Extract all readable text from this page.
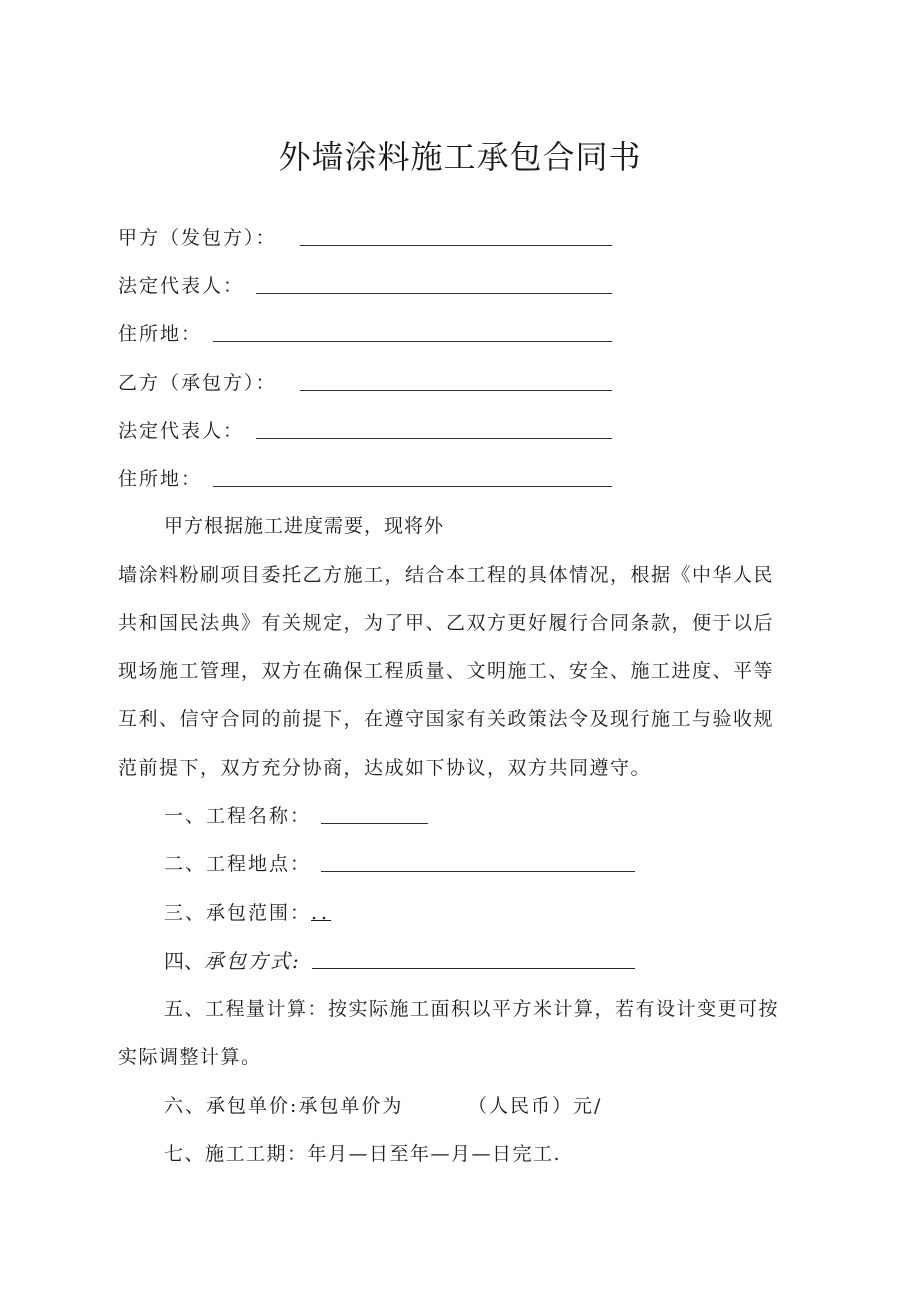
外墙涂料施工承包合同书
甲方（发包方）：
法定代表人：
住所地：
乙方（承包方）：
法定代表人：
住所地：
甲方根据施工进度需要，现将外
墙涂料粉刷项目委托乙方施工，结合本工程的具体情况，根据《中华人民
共和国民法典》有关规定，为了甲、乙双方更好履行合同条款，便于以后
现场施工管理，双方在确保工程质量、文明施工、安全、施工进度、平等
互利、信守合同的前提下，在遵守国家有关政策法令及现行施工与验收规
范前提下，双方充分协商，达成如下协议，双方共同遵守。
一、工程名称：
二、工程地点：
三、承包范围：..
四、承包方式:
五、工程量计算：按实际施工面积以平方米计算，若有设计变更可按
实际调整计算。
六、承包单价:承包单价为	（人民币）元/
七、施工工期：年月—日至年—月—日完工.
